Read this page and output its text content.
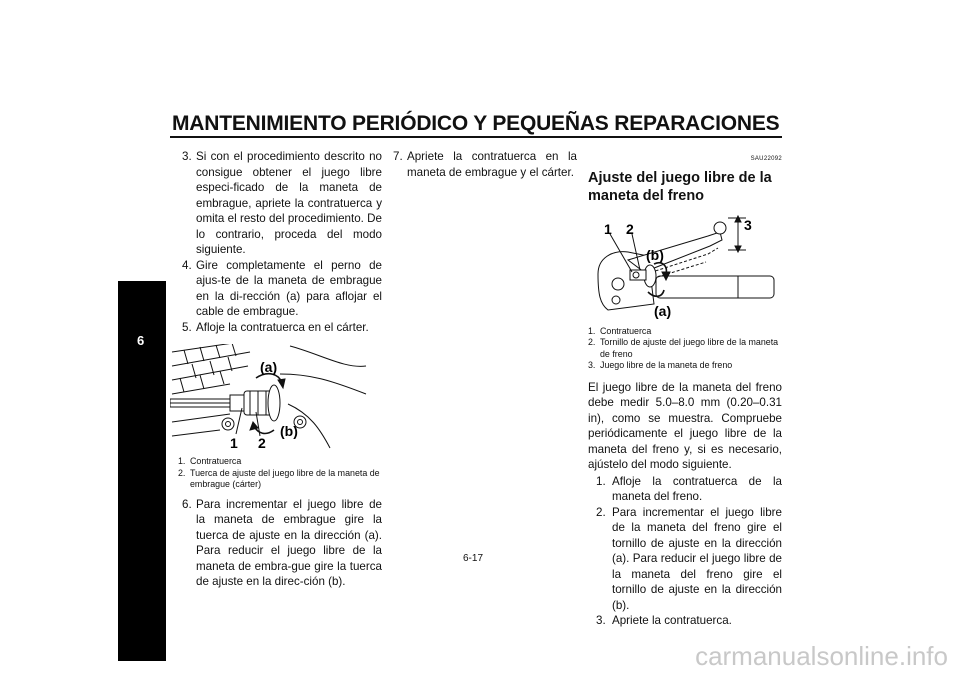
MANTENIMIENTO PERIÓDICO Y PEQUEÑAS REPARACIONES
6
3. Si con el procedimiento descrito no consigue obtener el juego libre especi-ficado de la maneta de embrague, apriete la contratuerca y omita el resto del procedimiento. De lo contrario, proceda del modo siguiente.
4. Gire completamente el perno de ajus-te de la maneta de embrague en la di-rección (a) para aflojar el cable de embrague.
5. Afloje la contratuerca en el cárter.
(a)
(b)
1 2
1. Contratuerca
2. Tuerca de ajuste del juego libre de la maneta de embrague (cárter)
6. Para incrementar el juego libre de la maneta de embrague gire la tuerca de ajuste en la dirección (a). Para reducir el juego libre de la maneta de embra-gue gire la tuerca de ajuste en la direc-ción (b).
7. Apriete la contratuerca en la maneta de embrague y el cárter.
SAU22092
Ajuste del juego libre de la maneta del freno
1 2	3
(b)
(a)
1. Contratuerca
2. Tornillo de ajuste del juego libre de la maneta de freno
3. Juego libre de la maneta de freno

El juego libre de la maneta del freno debe medir 5.0–8.0 mm (0.20–0.31 in), como se muestra. Compruebe periódicamente el juego libre de la maneta del freno y, si es necesario, ajústelo del modo siguiente.

1. Afloje la contratuerca de la maneta del freno.
2. Para incrementar el juego libre de la maneta del freno gire el tornillo de ajuste en la dirección (a). Para reducir el juego libre de la maneta del freno gire el tornillo de ajuste en la dirección (b).
3. Apriete la contratuerca.
6-17
carmanualsonline.info
